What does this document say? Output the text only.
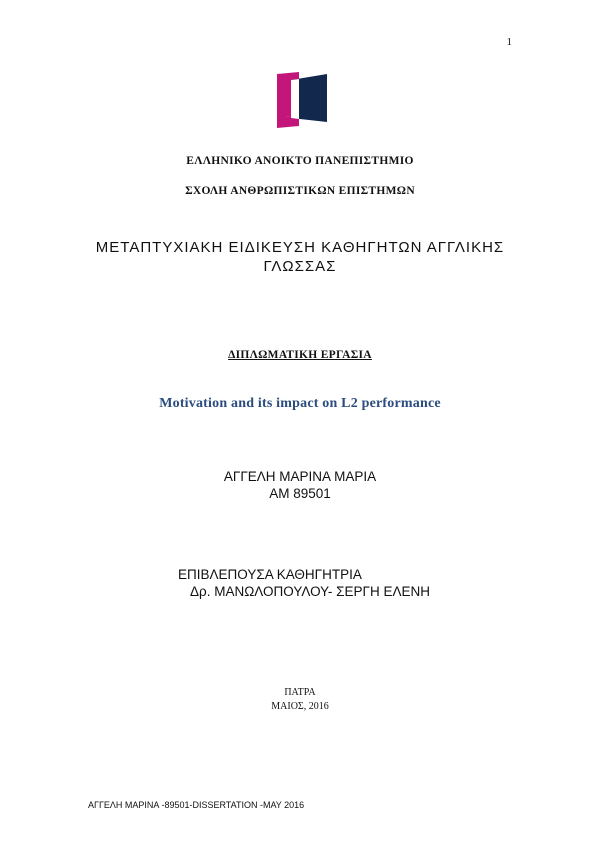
1
ΕΛΛΗΝΙΚΟ ΑΝΟΙΚΤΟ ΠΑΝΕΠΙΣΤΗΜΙΟ
ΣΧΟΛΗ ΑΝΘΡΩΠΙΣΤΙΚΩΝ ΕΠΙΣΤΗΜΩΝ
ΜΕΤΑΠΤΥΧΙΑΚΗ ΕΙΔΙΚΕΥΣΗ ΚΑΘΗΓΗΤΩΝ ΑΓΓΛΙΚΗΣ
ΓΛΩΣΣΑΣ
ΔΙΠΛΩΜΑΤΙΚΗ ΕΡΓΑΣΙΑ
Motivation and its impact on L2 performance
ΑΓΓΕΛΗ ΜΑΡΙΝΑ ΜΑΡΙΑ
AM 89501
ΕΠΙΒΛΕΠΟΥΣΑ ΚΑΘΗΓΗΤΡΙΑ
Δρ. ΜΑΝΩΛΟΠΟΥΛΟΥ- ΣΕΡΓΗ ΕΛΕΝΗ
ΠΑΤΡΑ
ΜΑΙΟΣ, 2016
ΑΓΓΕΛΗ ΜΑΡΙΝΑ -89501-DISSERTATION -MAY 2016
